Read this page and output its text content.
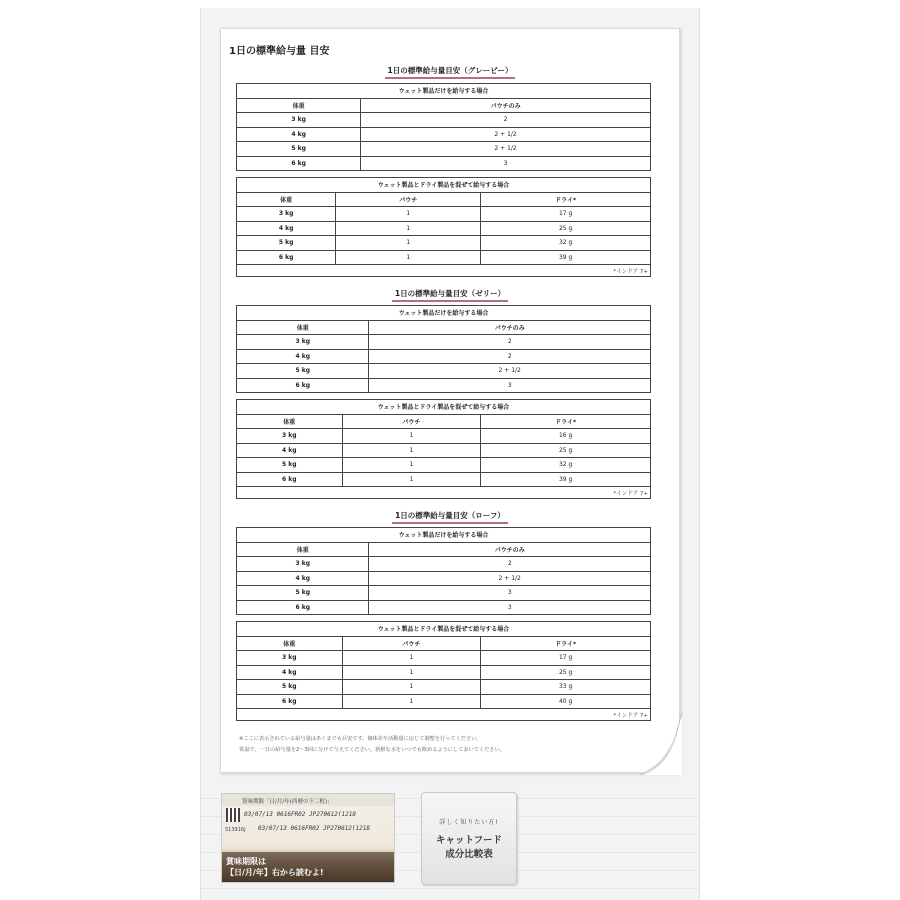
1日の標準給与量 目安
1日の標準給与量目安（グレービー）
ウェット製品だけを給与する場合	
体重	パウチのみ
3 kg	2
4 kg	2 + 1/2
5 kg	2 + 1/2
6 kg	3
ウェット製品とドライ製品を混ぜて給与する場合		
体重	パウチ	ドライ*
3 kg	1	17 g
4 kg	1	25 g
5 kg	1	32 g
6 kg	1	39 g
*インドア 7+		
1日の標準給与量目安（ゼリー）
ウェット製品だけを給与する場合	
体重	パウチのみ
3 kg	2
4 kg	2
5 kg	2 + 1/2
6 kg	3
ウェット製品とドライ製品を混ぜて給与する場合		
体重	パウチ	ドライ*
3 kg	1	16 g
4 kg	1	25 g
5 kg	1	32 g
6 kg	1	39 g
*インドア 7+		
1日の標準給与量目安（ローフ）
ウェット製品だけを給与する場合	
体重	パウチのみ
3 kg	2
4 kg	2 + 1/2
5 kg	3
6 kg	3
ウェット製品とドライ製品を混ぜて給与する場合		
体重	パウチ	ドライ*
3 kg	1	17 g
4 kg	1	25 g
5 kg	1	33 g
6 kg	1	40 g
*インドア 7+		
※ここに表示されている給与量はあくまでも目安です。個体差や活動量に応じて調整を行ってください。
常温で、一日の給与量を2〜3回に分けて与えてください。新鮮な水をいつでも飲めるようにしておいてください。
賞味期限「日/月/年(西暦の下二桁)」
03/07/13 0616FR02 JP270612(1218
03/07/13 0616FR02 JP270612(1218
S13916J
賞味期限は
【日/月/年】右から読むよ!
詳しく知りたい方!
キャットフード
成分比較表
